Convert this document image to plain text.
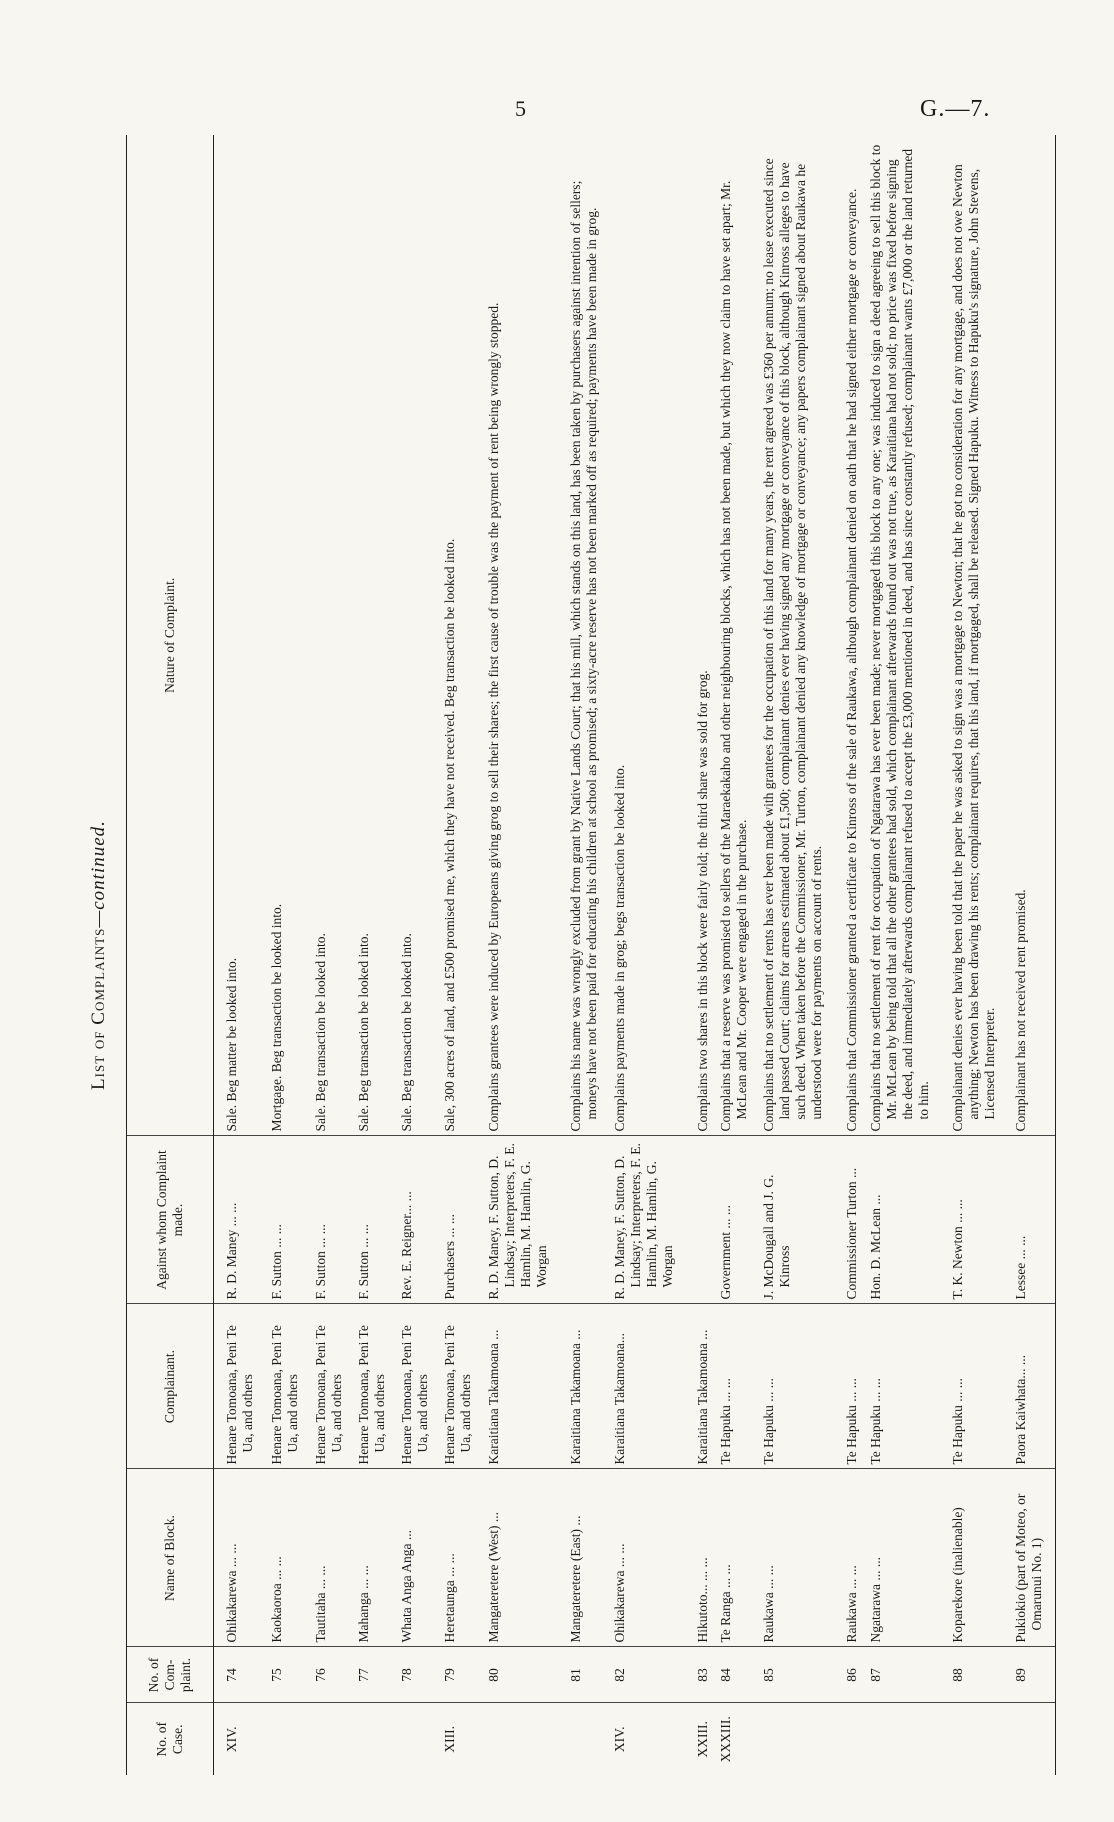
5	G.—7.
List of Complaints—continued.
No. of Case.	No. of Com- plaint.	Name of Block.	Complainant.	Against whom Complaint made.	Nature of Complaint.
XIV.	74	Ohikakarewa ... ...	Henare Tomoana, Peni Te Ua, and others	R. D. Maney ... ...	Sale. Beg matter be looked into.
	75	Kaokaoroa ... ...	Henare Tomoana, Peni Te Ua, and others	F. Sutton ... ...	Mortgage. Beg transaction be looked into.
	76	Tautitaha ... ...	Henare Tomoana, Peni Te Ua, and others	F. Sutton ... ...	Sale. Beg transaction be looked into.
	77	Mahanga ... ...	Henare Tomoana, Peni Te Ua, and others	F. Sutton ... ...	Sale. Beg transaction be looked into.
	78	Whata Anga Anga ...	Henare Tomoana, Peni Te Ua, and others	Rev. E. Reigner... ...	Sale. Beg transaction be looked into.
XIII.	79	Heretaunga ... ...	Henare Tomoana, Peni Te Ua, and others	Purchasers ... ...	Sale, 300 acres of land, and £500 promised me, which they have not received. Beg transaction be looked into.
	80	Mangateretere (West) ...	Karaitiana Takamoana ...	R. D. Maney, F. Sutton, D. Lindsay; Interpreters, F. E. Hamlin, M. Hamlin, G. Worgan	Complains grantees were induced by Europeans giving grog to sell their shares; the first cause of trouble was the payment of rent being wrongly stopped.
	81	Mangateretere (East) ...	Karaitiana Takamoana ...		Complains his name was wrongly excluded from grant by Native Lands Court; that his mill, which stands on this land, has been taken by purchasers against intention of sellers; moneys have not been paid for educating his children at school as promised; a sixty-acre reserve has not been marked off as required; payments have been made in grog.
XIV.	82	Ohikakarewa ... ...	Karaitiana Takamoana...	R. D. Maney, F. Sutton, D. Lindsay; Interpreters, F. E. Hamlin, M. Hamlin, G. Worgan	Complains payments made in grog; begs transaction be looked into.
XXIII.	83	Hikutoto... ... ...	Karaitiana Takamoana ...		Complains two shares in this block were fairly told; the third share was sold for grog.
XXXIII.	84	Te Ranga ... ...	Te Hapuku ... ...	Government ... ...	Complains that a reserve was promised to sellers of the Maraekakaho and other neighbouring blocks, which has not been made, but which they now claim to have set apart; Mr. McLean and Mr. Cooper were engaged in the purchase.
	85	Raukawa ... ...	Te Hapuku ... ...	J. McDougall and J. G. Kinross	Complains that no settlement of rents has ever been made with grantees for the occupation of this land for many years, the rent agreed was £360 per annum; no lease executed since land passed Court; claims for arrears estimated about £1,500; complainant denies ever having signed any mortgage or conveyance of this block, although Kinross alleges to have such deed. When taken before the Commissioner, Mr. Turton, complainant denied any knowledge of mortgage or conveyance; any papers complainant signed about Raukawa he understood were for payments on account of rents.
	86	Raukawa ... ...	Te Hapuku ... ...	Commissioner Turton ...	Complains that Commissioner granted a certificate to Kinross of the sale of Raukawa, although complainant denied on oath that he had signed either mortgage or conveyance.
	87	Ngatarawa ... ...	Te Hapuku ... ...	Hon. D. McLean ...	Complains that no settlement of rent for occupation of Ngatarawa has ever been made; never mortgaged this block to any one; was induced to sign a deed agreeing to sell this block to Mr. McLean by being told that all the other grantees had sold, which complainant afterwards found out was not true, as Karaitiana had not sold; no price was fixed before signing the deed, and immediately afterwards complainant refused to accept the £3,000 mentioned in deed, and has since constantly refused; complainant wants £7,000 or the land returned to him.
	88	Koparekore (inalienable)	Te Hapuku ... ...	T. K. Newton ... ...	Complainant denies ever having been told that the paper he was asked to sign was a mortgage to Newton; that he got no consideration for any mortgage, and does not owe Newton anything; Newton has been drawing his rents; complainant requires, that his land, if mortgaged, shall be released. Signed Hapuku. Witness to Hapuku's signature, John Stevens, Licensed Interpreter.
	89	Pukiokio (part of Moteo, or Omarunui No. 1)	Paora Kaiwhata... ...	Lessee ... ...	Complainant has not received rent promised.
